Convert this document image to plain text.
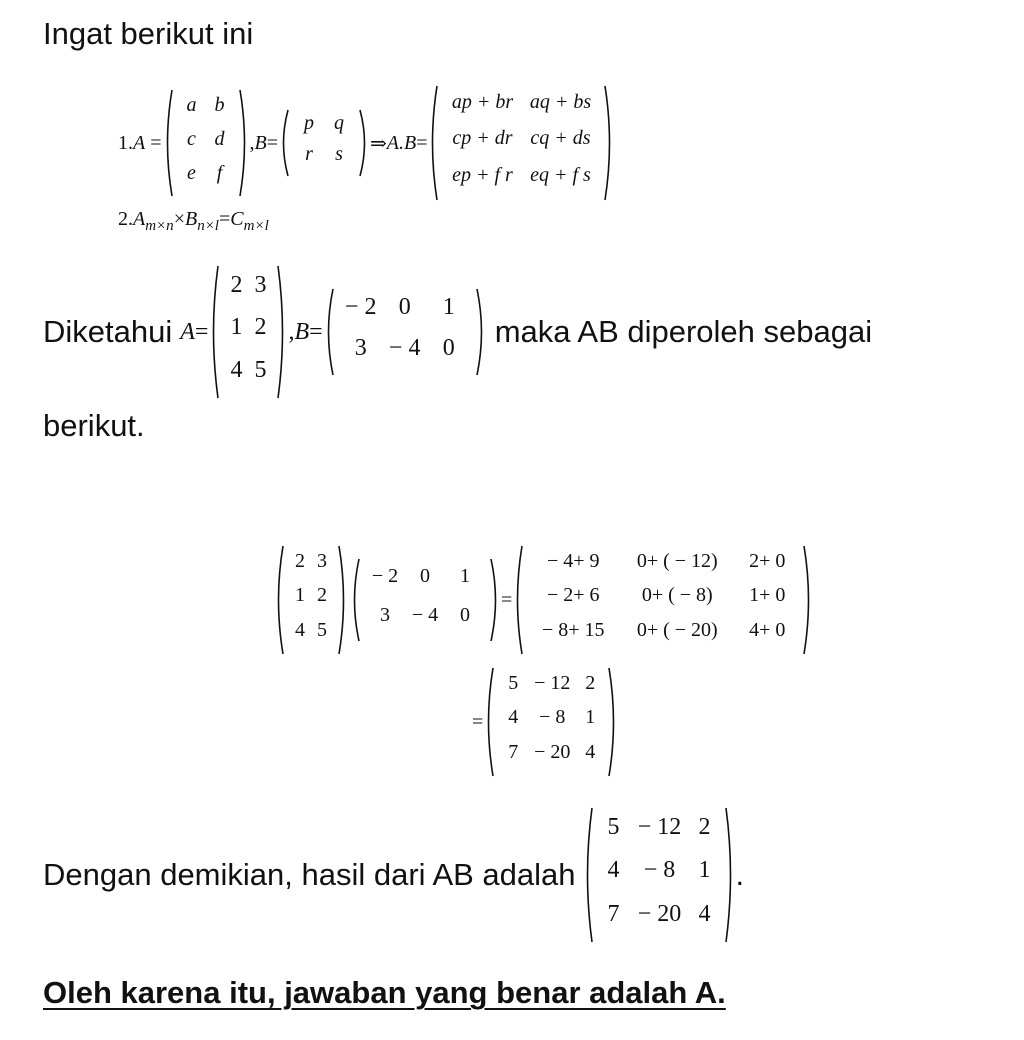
Ingat berikut ini
1. A =
a b
c d
e f
, B =
p q
r s ⇒ A.B =
ap + br aq + bs
cp + dr cq + ds
ep + f r eq + f s
$2.A_{m\times n}\times B_{n\times l}=C_{m\times l}$
Diketahui A =
2 3
1 2
4 5
, B =
− 2 0 1
3 − 4 0 maka AB diperoleh sebagai
berikut.
2 3
1 2
4 5
− 2 0 1
3 − 4 0
=
− 4+ 9 0+ ( − 12) 2+ 0
− 2+ 6 0+ ( − 8) 1+ 0
− 8+ 15 0+ ( − 20) 4+ 0
=
5 − 12 2
4 − 8 1
7 − 20 4
Dengan demikian, hasil dari AB adalah
5 − 12 2
4 − 8 1
7 − 20 4
.
Oleh karena itu, jawaban yang benar adalah A.
